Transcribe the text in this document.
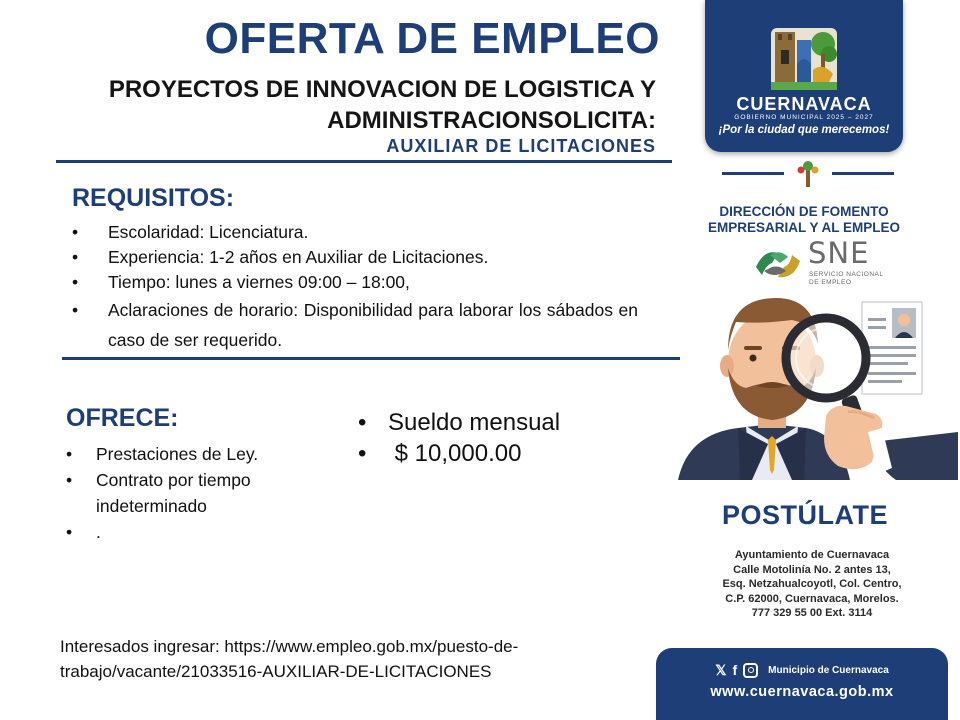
OFERTA DE EMPLEO
PROYECTOS DE INNOVACION DE LOGISTICA Y
ADMINISTRACIONSOLICITA:
AUXILIAR DE LICITACIONES
REQUISITOS:
• Escolaridad: Licenciatura.
• Experiencia: 1-2 años en Auxiliar de Licitaciones.
• Tiempo: lunes a viernes 09:00 – 18:00,
• Aclaraciones de horario: Disponibilidad para laborar los sábados en caso de ser requerido.
OFRECE:
• Prestaciones de Ley.
• Contrato por tiempo indeterminado
• .
• Sueldo mensual
•  $ 10,000.00
Interesados ingresar: https://www.empleo.gob.mx/puesto-de-
trabajo/vacante/21033516-AUXILIAR-DE-LICITACIONES
CUERNAVACA
GOBIERNO MUNICIPAL 2025 – 2027
¡Por la ciudad que merecemos!
DIRECCIÓN DE FOMENTO
EMPRESARIAL Y AL EMPLEO
SNE
SERVICIO NACIONAL
DE EMPLEO
POSTÚLATE
Ayuntamiento de Cuernavaca
Calle Motolinía No. 2 antes 13,
Esq. Netzahualcoyotl, Col. Centro,
C.P. 62000, Cuernavaca, Morelos.
777 329 55 00 Ext. 3114
𝕏 f	Municipio de Cuernavaca
www.cuernavaca.gob.mx
